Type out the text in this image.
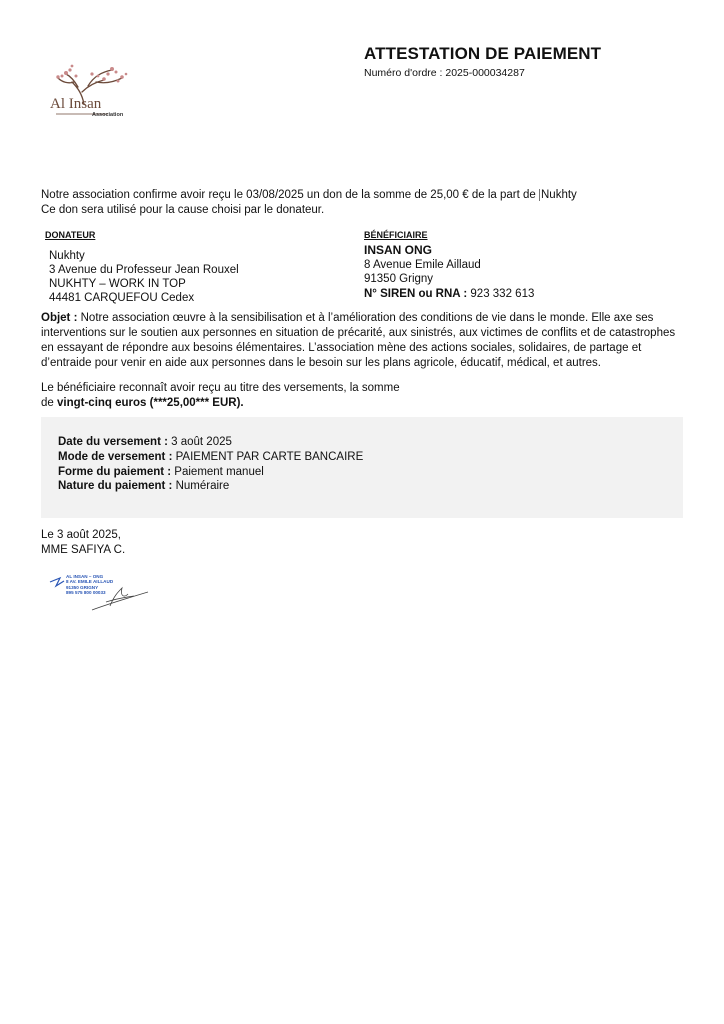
Al Insan
Association
ATTESTATION DE PAIEMENT
Numéro d'ordre : 2025-000034287
Notre association confirme avoir reçu le 03/08/2025 un don de la somme de 25,00 € de la part de Nukhty
Ce don sera utilisé pour la cause choisi par le donateur.
DONATEUR
Nukhty
3 Avenue du Professeur Jean Rouxel
NUKHTY – WORK IN TOP
44481 CARQUEFOU Cedex
BÉNÉFICIAIRE
INSAN ONG
8 Avenue Emile Aillaud
91350 Grigny
N° SIREN ou RNA : 923 332 613
Objet : Notre association œuvre à la sensibilisation et à l’amélioration des conditions de vie dans le monde. Elle axe ses interventions sur le soutien aux personnes en situation de précarité, aux sinistrés, aux victimes de conflits et de catastrophes en essayant de répondre aux besoins élémentaires. L’association mène des actions sociales, solidaires, de partage et d’entraide pour venir en aide aux personnes dans le besoin sur les plans agricole, éducatif, médical, et autres.
Le bénéficiaire reconnaît avoir reçu au titre des versements, la somme
de vingt-cinq euros (***25,00*** EUR).
Date du versement : 3 août 2025
Mode de versement : PAIEMENT PAR CARTE BANCAIRE
Forme du paiement : Paiement manuel
Nature du paiement : Numéraire
Le 3 août 2025,
MME SAFIYA C.
AL INSAN – ONG
8 AV. EMILE AILLAUD
91350 GRIGNY
895 575 800 00033
